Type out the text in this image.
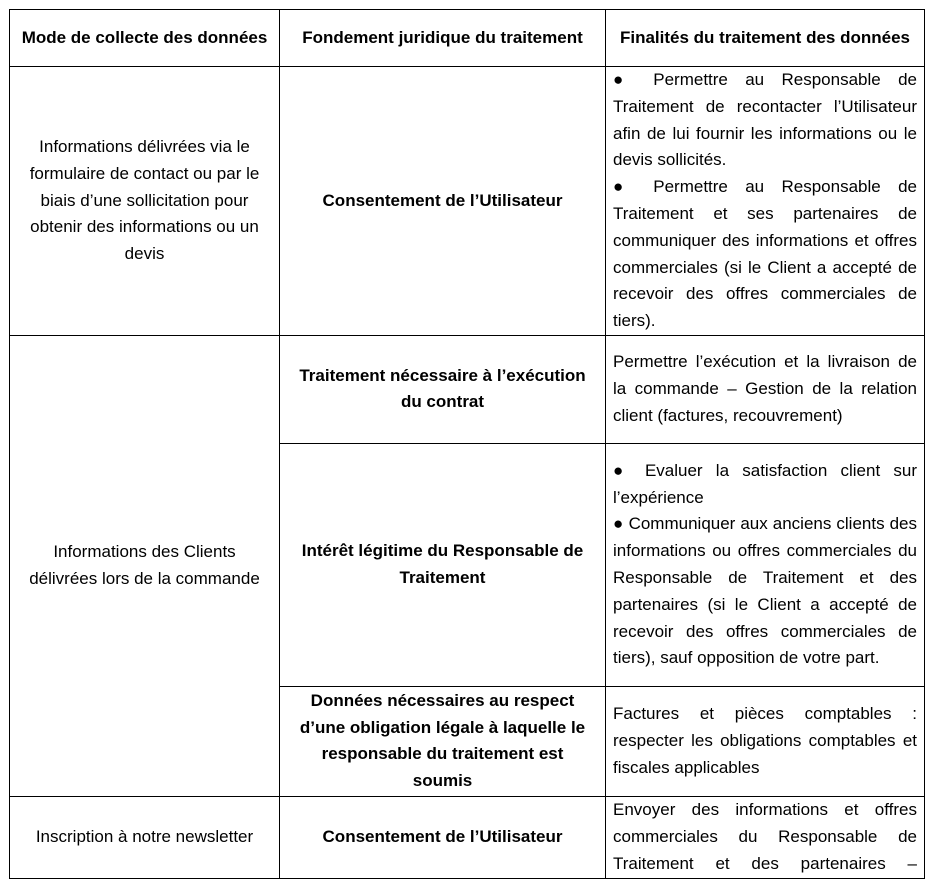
Mode de collecte des données	Fondement juridique du traitement	Finalités du traitement des données
Informations délivrées via le formulaire de contact ou par le biais d’une sollicitation pour obtenir des informations ou un devis	Consentement de l’Utilisateur	● Permettre au Responsable de Traitement de recontacter l’Utilisateur afin de lui fournir les informations ou le devis sollicités.
● Permettre au Responsable de Traitement et ses partenaires de communiquer des informations et offres commerciales (si le Client a accepté de recevoir des offres commerciales de tiers).

Informations des Clients délivrées lors de la commande	Traitement nécessaire à l’exécution du contrat	Permettre l’exécution et la livraison de la commande – Gestion de la relation client (factures, recouvrement)

	Intérêt légitime du Responsable de Traitement	● Evaluer la satisfaction client sur l’expérience
● Communiquer aux anciens clients des informations ou offres commerciales du Responsable de Traitement et des partenaires (si le Client a accepté de recevoir des offres commerciales de tiers), sauf opposition de votre part.

	Données nécessaires au respect d’une obligation légale à laquelle le responsable du traitement est soumis	Factures et pièces comptables : respecter les obligations comptables et fiscales applicables

Inscription à notre newsletter	Consentement de l’Utilisateur	Envoyer des informations et offres commerciales du Responsable de Traitement et des partenaires –
